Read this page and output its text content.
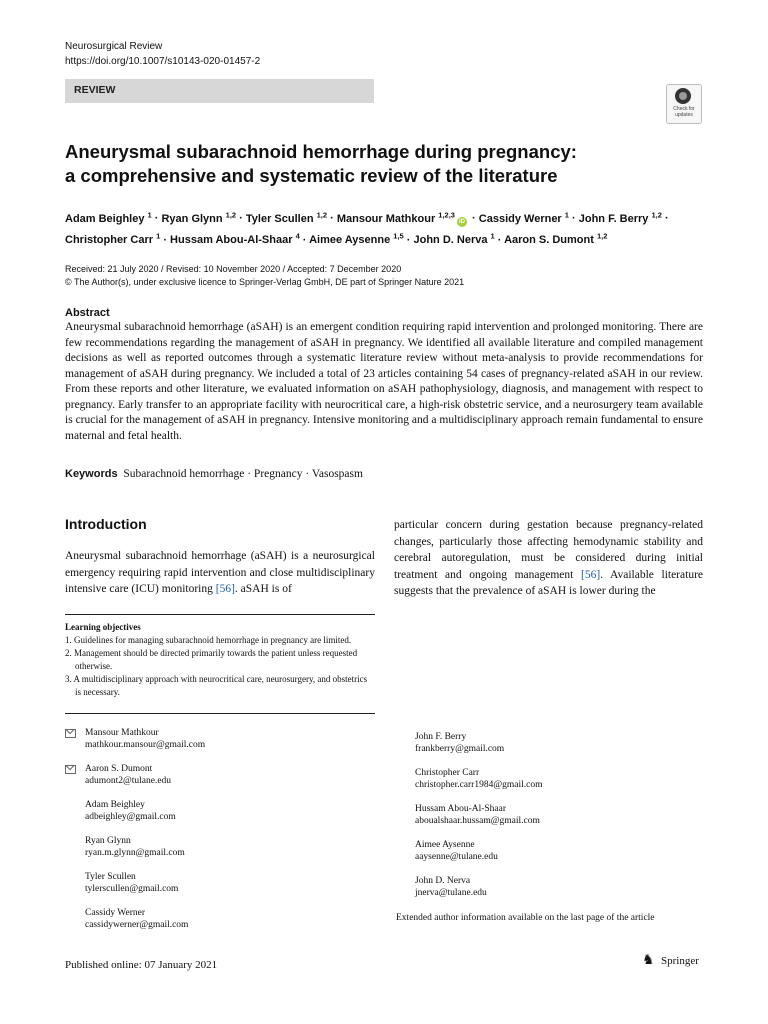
Neurosurgical Review
https://doi.org/10.1007/s10143-020-01457-2
REVIEW
Check for updates
Aneurysmal subarachnoid hemorrhage during pregnancy:
a comprehensive and systematic review of the literature
Adam Beighley $^1$ · Ryan Glynn $^{1,2}$ · Tyler Scullen $^{1,2}$ · Mansour Mathkour $^{1,2,3}$iD · Cassidy Werner $^1$ · John F. Berry $^{1,2}$ ·
Christopher Carr $^1$ · Hussam Abou-Al-Shaar $^4$ · Aimee Aysenne $^{1,5}$ · John D. Nerva $^1$ · Aaron S. Dumont $^{1,2}$
Received: 21 July 2020 / Revised: 10 November 2020 / Accepted: 7 December 2020
© The Author(s), under exclusive licence to Springer-Verlag GmbH, DE part of Springer Nature 2021
Abstract
Aneurysmal subarachnoid hemorrhage (aSAH) is an emergent condition requiring rapid intervention and prolonged monitoring. There are few recommendations regarding the management of aSAH in pregnancy. We identified all available literature and compiled management decisions as well as reported outcomes through a systematic literature review without meta-analysis to provide recommendations for management of aSAH during pregnancy. We included a total of 23 articles containing 54 cases of pregnancy-related aSAH in our review. From these reports and other literature, we evaluated information on aSAH pathophysiology, diagnosis, and management with respect to pregnancy. Early transfer to an appropriate facility with neurocritical care, a high-risk obstetric service, and a neurosurgery team available is crucial for the management of aSAH in pregnancy. Intensive monitoring and a multidisciplinary approach remain fundamental to ensure maternal and fetal health.
Keywords Subarachnoid hemorrhage · Pregnancy · Vasospasm
Introduction
Aneurysmal subarachnoid hemorrhage (aSAH) is a neurosurgical emergency requiring rapid intervention and close multidisciplinary intensive care (ICU) monitoring [56]. aSAH is of
particular concern during gestation because pregnancy-related changes, particularly those affecting hemodynamic stability and cerebral autoregulation, must be considered during initial treatment and ongoing management [56]. Available literature suggests that the prevalence of aSAH is lower during the
Learning objectives
1. Guidelines for managing subarachnoid hemorrhage in pregnancy are limited.
2. Management should be directed primarily towards the patient unless requested otherwise.
3. A multidisciplinary approach with neurocritical care, neurosurgery, and obstetrics is necessary.
Mansour Mathkour
mathkour.mansour@gmail.com
Aaron S. Dumont
adumont2@tulane.edu
Adam Beighley
adbeighley@gmail.com
Ryan Glynn
ryan.m.glynn@gmail.com
Tyler Scullen
tylerscullen@gmail.com
Cassidy Werner
cassidywerner@gmail.com
John F. Berry
frankberry@gmail.com
Christopher Carr
christopher.carr1984@gmail.com
Hussam Abou-Al-Shaar
aboualshaar.hussam@gmail.com
Aimee Aysenne
aaysenne@tulane.edu
John D. Nerva
jnerva@tulane.edu
Extended author information available on the last page of the article
Published online: 07 January 2021	♞ Springer
